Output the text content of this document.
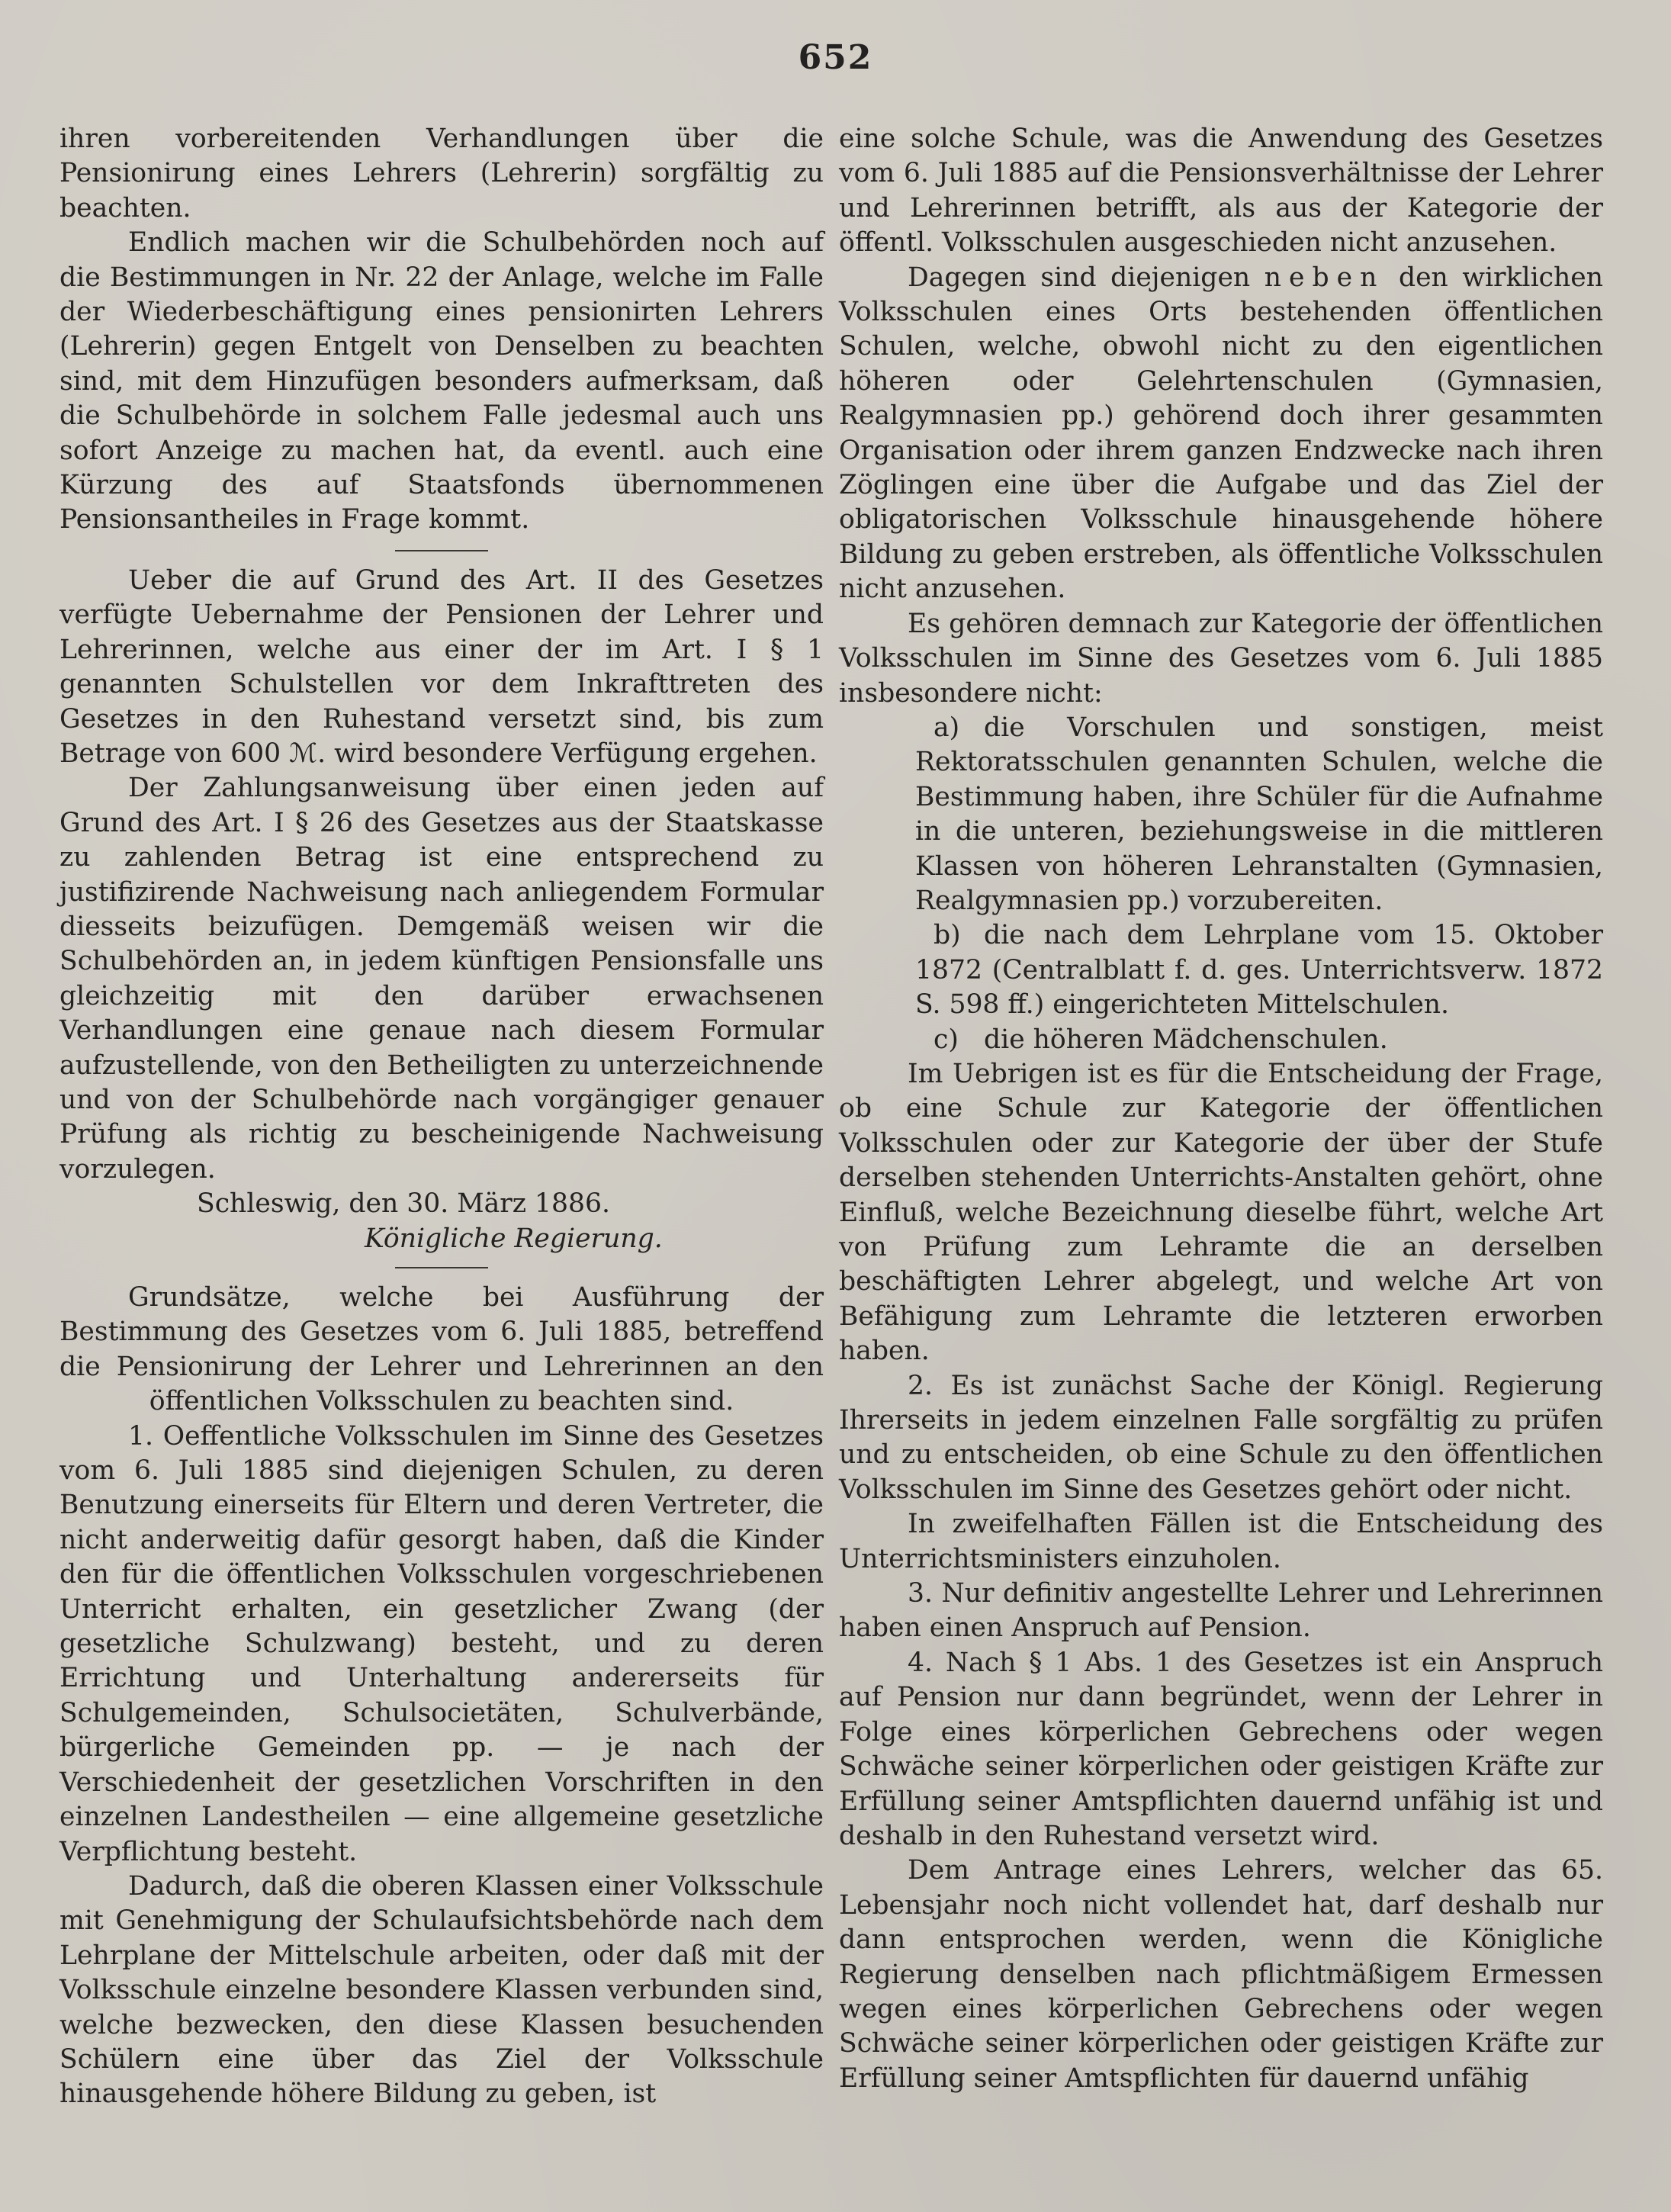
652

ihren vorbereitenden Verhandlungen über die Pensionirung eines Lehrers (Lehrerin) sorgfältig zu beachten.

Endlich machen wir die Schulbehörden noch auf die Bestimmungen in Nr. 22 der Anlage, welche im Falle der Wiederbeschäftigung eines pensionirten Lehrers (Lehrerin) gegen Entgelt von Denselben zu beachten sind, mit dem Hinzufügen besonders aufmerksam, daß die Schulbehörde in solchem Falle jedesmal auch uns sofort Anzeige zu machen hat, da eventl. auch eine Kürzung des auf Staatsfonds übernommenen Pensionsantheiles in Frage kommt.

Ueber die auf Grund des Art. II des Gesetzes verfügte Uebernahme der Pensionen der Lehrer und Lehrerinnen, welche aus einer der im Art. I § 1 genannten Schulstellen vor dem Inkrafttreten des Gesetzes in den Ruhestand versetzt sind, bis zum Betrage von 600 ℳ. wird besondere Verfügung ergehen.

Der Zahlungsanweisung über einen jeden auf Grund des Art. I § 26 des Gesetzes aus der Staatskasse zu zahlenden Betrag ist eine entsprechend zu justifizirende Nachweisung nach anliegendem Formular diesseits beizufügen. Demgemäß weisen wir die Schulbehörden an, in jedem künftigen Pensionsfalle uns gleichzeitig mit den darüber erwachsenen Verhandlungen eine genaue nach diesem Formular aufzustellende, von den Betheiligten zu unterzeichnende und von der Schulbehörde nach vorgängiger genauer Prüfung als richtig zu bescheinigende Nachweisung vorzulegen.

Schleswig, den 30. März 1886.

Königliche Regierung.

Grundsätze, welche bei Ausführung der Bestimmung des Gesetzes vom 6. Juli 1885, betreffend die Pensionirung der Lehrer und Lehrerinnen an den öffentlichen Volksschulen zu beachten sind.

1. Oeffentliche Volksschulen im Sinne des Gesetzes vom 6. Juli 1885 sind diejenigen Schulen, zu deren Benutzung einerseits für Eltern und deren Vertreter, die nicht anderweitig dafür gesorgt haben, daß die Kinder den für die öffentlichen Volksschulen vorgeschriebenen Unterricht erhalten, ein gesetzlicher Zwang (der gesetzliche Schulzwang) besteht, und zu deren Errichtung und Unterhaltung andererseits für Schulgemeinden, Schulsocietäten, Schulverbände, bürgerliche Gemeinden pp. — je nach der Verschiedenheit der gesetzlichen Vorschriften in den einzelnen Landestheilen — eine allgemeine gesetzliche Verpflichtung besteht.

Dadurch, daß die oberen Klassen einer Volksschule mit Genehmigung der Schulaufsichtsbehörde nach dem Lehrplane der Mittelschule arbeiten, oder daß mit der Volksschule einzelne besondere Klassen verbunden sind, welche bezwecken, den diese Klassen besuchenden Schülern eine über das Ziel der Volksschule hinausgehende höhere Bildung zu geben, ist

eine solche Schule, was die Anwendung des Gesetzes vom 6. Juli 1885 auf die Pensionsverhältnisse der Lehrer und Lehrerinnen betrifft, als aus der Kategorie der öffentl. Volksschulen ausgeschieden nicht anzusehen.

Dagegen sind diejenigen neben den wirklichen Volksschulen eines Orts bestehenden öffentlichen Schulen, welche, obwohl nicht zu den eigentlichen höheren oder Gelehrtenschulen (Gymnasien, Realgymnasien pp.) gehörend doch ihrer gesammten Organisation oder ihrem ganzen Endzwecke nach ihren Zöglingen eine über die Aufgabe und das Ziel der obligatorischen Volksschule hinausgehende höhere Bildung zu geben erstreben, als öffentliche Volksschulen nicht anzusehen.

Es gehören demnach zur Kategorie der öffentlichen Volksschulen im Sinne des Gesetzes vom 6. Juli 1885 insbesondere nicht:

a) die Vorschulen und sonstigen, meist Rektoratsschulen genannten Schulen, welche die Bestimmung haben, ihre Schüler für die Aufnahme in die unteren, beziehungsweise in die mittleren Klassen von höheren Lehranstalten (Gymnasien, Realgymnasien pp.) vorzubereiten.

b) die nach dem Lehrplane vom 15. Oktober 1872 (Centralblatt f. d. ges. Unterrichtsverw. 1872 S. 598 ff.) eingerichteten Mittelschulen.

c) die höheren Mädchenschulen.

Im Uebrigen ist es für die Entscheidung der Frage, ob eine Schule zur Kategorie der öffentlichen Volksschulen oder zur Kategorie der über der Stufe derselben stehenden Unterrichts-Anstalten gehört, ohne Einfluß, welche Bezeichnung dieselbe führt, welche Art von Prüfung zum Lehramte die an derselben beschäftigten Lehrer abgelegt, und welche Art von Befähigung zum Lehramte die letzteren erworben haben.

2. Es ist zunächst Sache der Königl. Regierung Ihrerseits in jedem einzelnen Falle sorgfältig zu prüfen und zu entscheiden, ob eine Schule zu den öffentlichen Volksschulen im Sinne des Gesetzes gehört oder nicht.

In zweifelhaften Fällen ist die Entscheidung des Unterrichtsministers einzuholen.

3. Nur definitiv angestellte Lehrer und Lehrerinnen haben einen Anspruch auf Pension.

4. Nach § 1 Abs. 1 des Gesetzes ist ein Anspruch auf Pension nur dann begründet, wenn der Lehrer in Folge eines körperlichen Gebrechens oder wegen Schwäche seiner körperlichen oder geistigen Kräfte zur Erfüllung seiner Amtspflichten dauernd unfähig ist und deshalb in den Ruhestand versetzt wird.

Dem Antrage eines Lehrers, welcher das 65. Lebensjahr noch nicht vollendet hat, darf deshalb nur dann entsprochen werden, wenn die Königliche Regierung denselben nach pflichtmäßigem Ermessen wegen eines körperlichen Gebrechens oder wegen Schwäche seiner körperlichen oder geistigen Kräfte zur Erfüllung seiner Amtspflichten für dauernd unfähig
